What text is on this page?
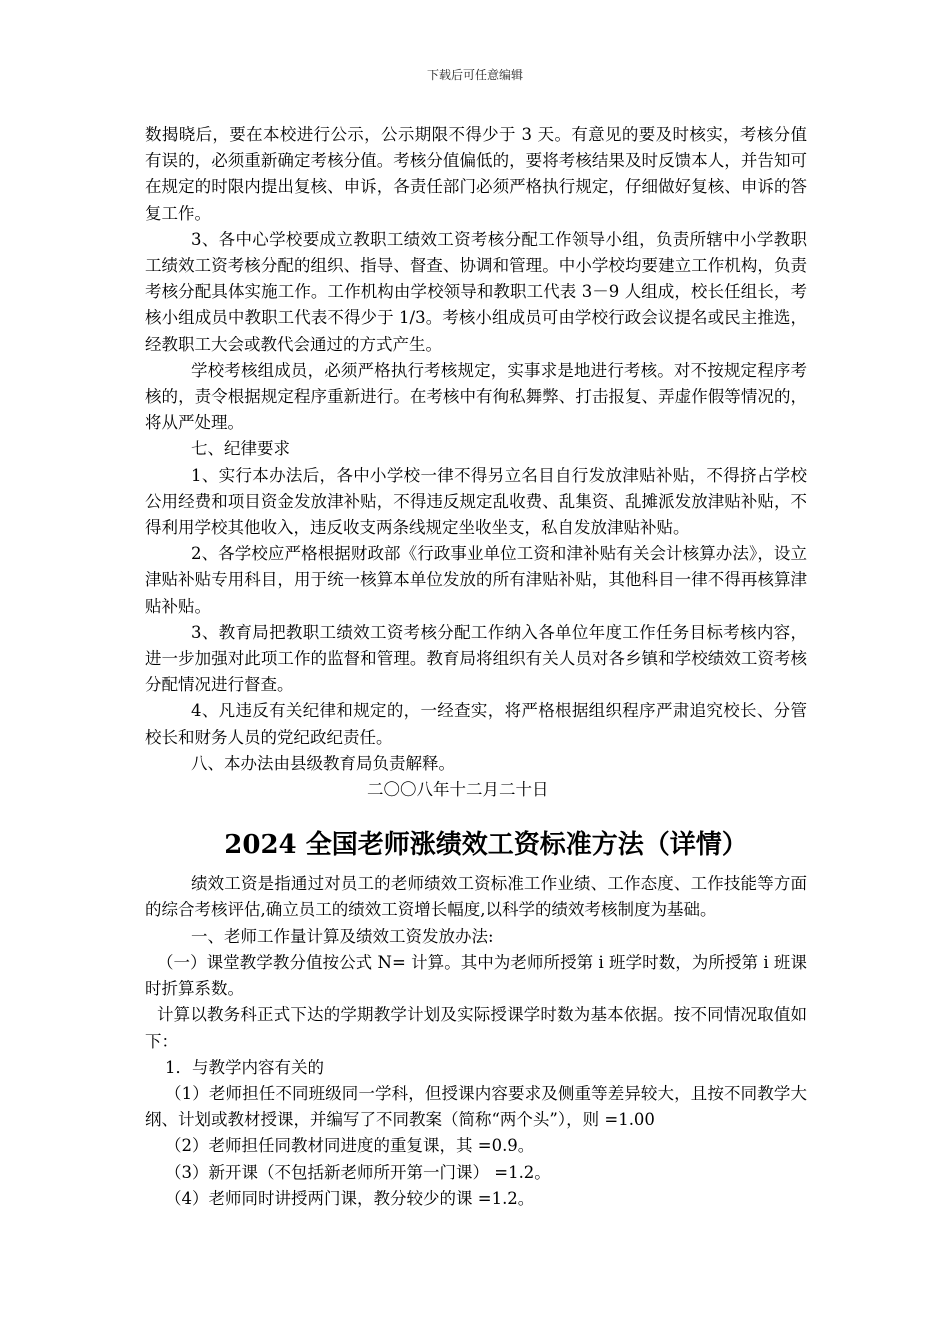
下载后可任意编辑

数揭晓后，要在本校进行公示，公示期限不得少于 3 天。有意见的要及时核实，考核分值有误的，必须重新确定考核分值。考核分值偏低的，要将考核结果及时反馈本人，并告知可在规定的时限内提出复核、申诉，各责任部门必须严格执行规定，仔细做好复核、申诉的答复工作。

3、各中心学校要成立教职工绩效工资考核分配工作领导小组，负责所辖中小学教职工绩效工资考核分配的组织、指导、督查、协调和管理。中小学校均要建立工作机构，负责考核分配具体实施工作。工作机构由学校领导和教职工代表 3－9 人组成，校长任组长，考核小组成员中教职工代表不得少于 1/3。考核小组成员可由学校行政会议提名或民主推选，经教职工大会或教代会通过的方式产生。

学校考核组成员，必须严格执行考核规定，实事求是地进行考核。对不按规定程序考核的，责令根据规定程序重新进行。在考核中有徇私舞弊、打击报复、弄虚作假等情况的，将从严处理。

七、纪律要求

1、实行本办法后，各中小学校一律不得另立名目自行发放津贴补贴，不得挤占学校公用经费和项目资金发放津补贴，不得违反规定乱收费、乱集资、乱摊派发放津贴补贴，不得利用学校其他收入，违反收支两条线规定坐收坐支，私自发放津贴补贴。

2、各学校应严格根据财政部《行政事业单位工资和津补贴有关会计核算办法》，设立津贴补贴专用科目，用于统一核算本单位发放的所有津贴补贴，其他科目一律不得再核算津贴补贴。

3、教育局把教职工绩效工资考核分配工作纳入各单位年度工作任务目标考核内容，进一步加强对此项工作的监督和管理。教育局将组织有关人员对各乡镇和学校绩效工资考核分配情况进行督查。

4、凡违反有关纪律和规定的，一经查实，将严格根据组织程序严肃追究校长、分管校长和财务人员的党纪政纪责任。

八、本办法由县级教育局负责解释。

二〇〇八年十二月二十日

2024 全国老师涨绩效工资标准方法（详情）

绩效工资是指通过对员工的老师绩效工资标准工作业绩、工作态度、工作技能等方面的综合考核评估,确立员工的绩效工资增长幅度,以科学的绩效考核制度为基础。

一、老师工作量计算及绩效工资发放办法:

（一）课堂教学教分值按公式 N= 计算。其中为老师所授第 i 班学时数，为所授第 i 班课时折算系数。

计算以教务科正式下达的学期教学计划及实际授课学时数为基本依据。按不同情况取值如下：

1．与教学内容有关的

（1）老师担任不同班级同一学科，但授课内容要求及侧重等差异较大，且按不同教学大纲、计划或教材授课，并编写了不同教案（简称“两个头”），则 =1.00

（2）老师担任同教材同进度的重复课，其 =0.9。

（3）新开课（不包括新老师所开第一门课） =1.2。

（4）老师同时讲授两门课，教分较少的课 =1.2。
